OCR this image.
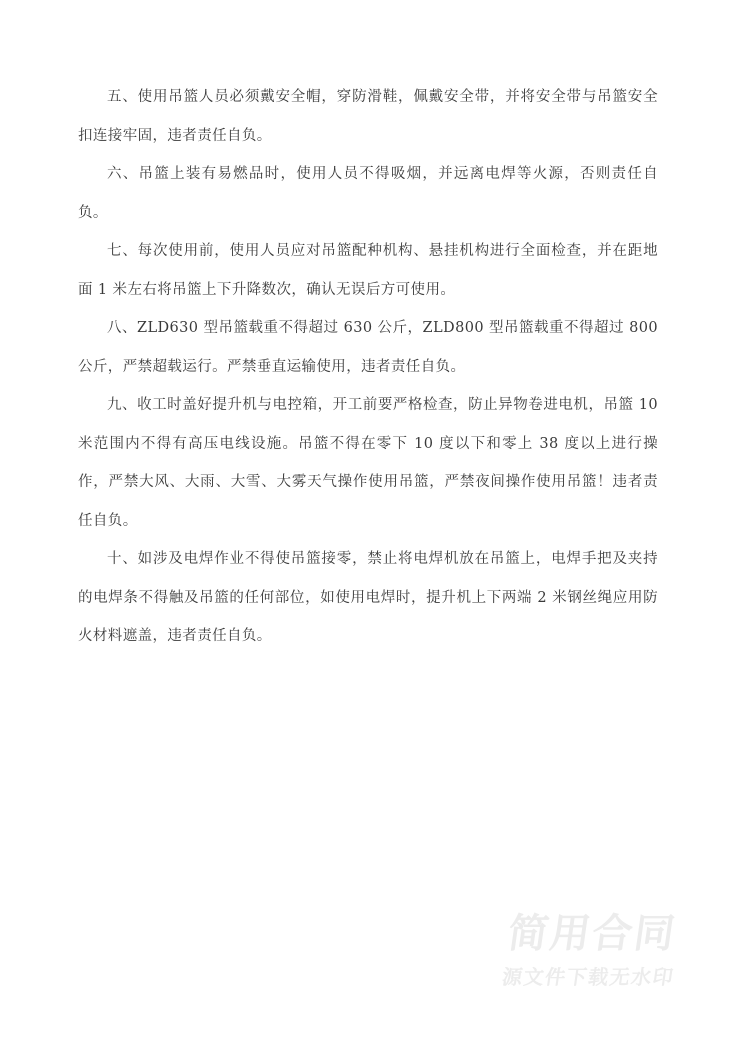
五、使用吊篮人员必须戴安全帽，穿防滑鞋，佩戴安全带，并将安全带与吊篮安全扣连接牢固，违者责任自负。

六、吊篮上装有易燃品时，使用人员不得吸烟，并远离电焊等火源，否则责任自负。

七、每次使用前，使用人员应对吊篮配种机构、悬挂机构进行全面检查，并在距地面 1 米左右将吊篮上下升降数次，确认无误后方可使用。

八、ZLD630 型吊篮载重不得超过 630 公斤，ZLD800 型吊篮载重不得超过 800 公斤，严禁超载运行。严禁垂直运输使用，违者责任自负。

九、收工时盖好提升机与电控箱，开工前要严格检查，防止异物卷进电机，吊篮 10 米范围内不得有高压电线设施。吊篮不得在零下 10 度以下和零上 38 度以上进行操作，严禁大风、大雨、大雪、大雾天气操作使用吊篮，严禁夜间操作使用吊篮！违者责任自负。

十、如涉及电焊作业不得使吊篮接零，禁止将电焊机放在吊篮上，电焊手把及夹持的电焊条不得触及吊篮的任何部位，如使用电焊时，提升机上下两端 2 米钢丝绳应用防火材料遮盖，违者责任自负。

简用合同
源文件下载无水印
